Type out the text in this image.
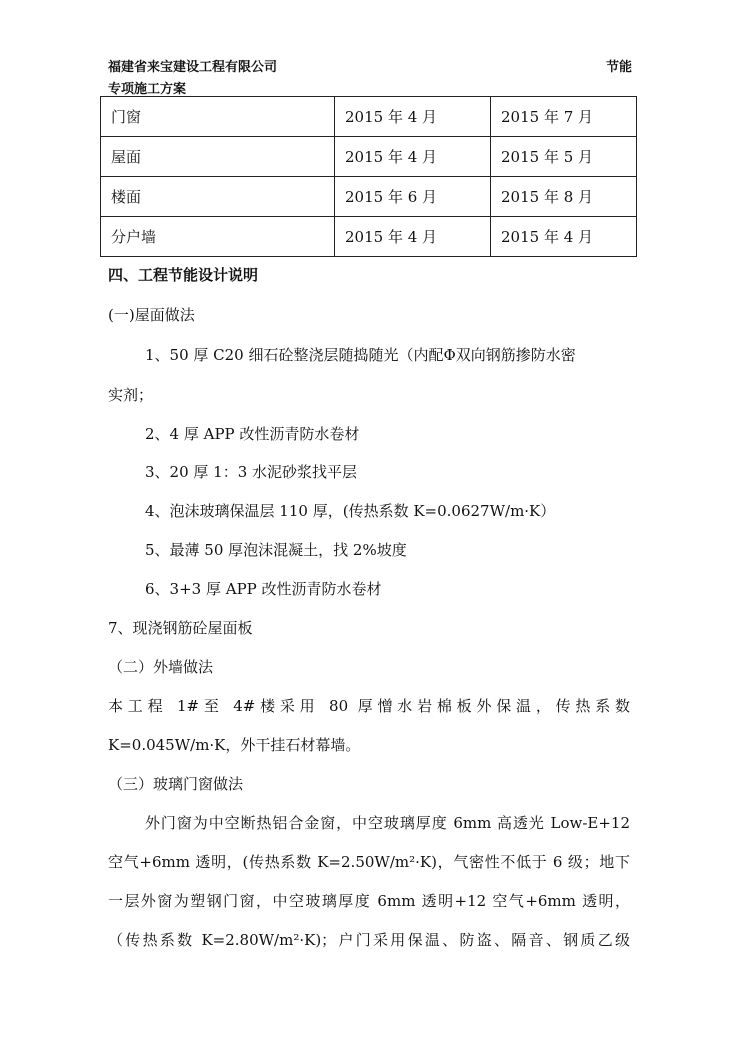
福建省来宝建设工程有限公司	节能
专项施工方案
门窗	2015 年 4 月	2015 年 7 月
屋面	2015 年 4 月	2015 年 5 月
楼面	2015 年 6 月	2015 年 8 月
分户墙	2015 年 4 月	2015 年 4 月
四、工程节能设计说明
(一)屋面做法
1、50 厚 C20 细石砼整浇层随捣随光（内配Φ双向钢筋掺防水密
实剂；
2、4 厚 APP 改性沥青防水卷材
3、20 厚 1：3 水泥砂浆找平层
4、泡沫玻璃保温层 110 厚，(传热系数 K=0.0627W/m·K）
5、最薄 50 厚泡沫混凝土，找 2%坡度
6、3+3 厚 APP 改性沥青防水卷材
7、现浇钢筋砼屋面板
（二）外墙做法
本工程 1#至 4#楼采用 80 厚憎水岩棉板外保温，传热系数
K=0.045W/m·K，外干挂石材幕墙。
（三）玻璃门窗做法
外门窗为中空断热铝合金窗，中空玻璃厚度 6mm 高透光 Low-E+12
空气+6mm 透明，(传热系数 K=2.50W/m²·K)，气密性不低于 6 级；地下
一层外窗为塑钢门窗，中空玻璃厚度 6mm 透明+12 空气+6mm 透明，
（传热系数 K=2.80W/m²·K)；户门采用保温、防盗、隔音、钢质乙级
